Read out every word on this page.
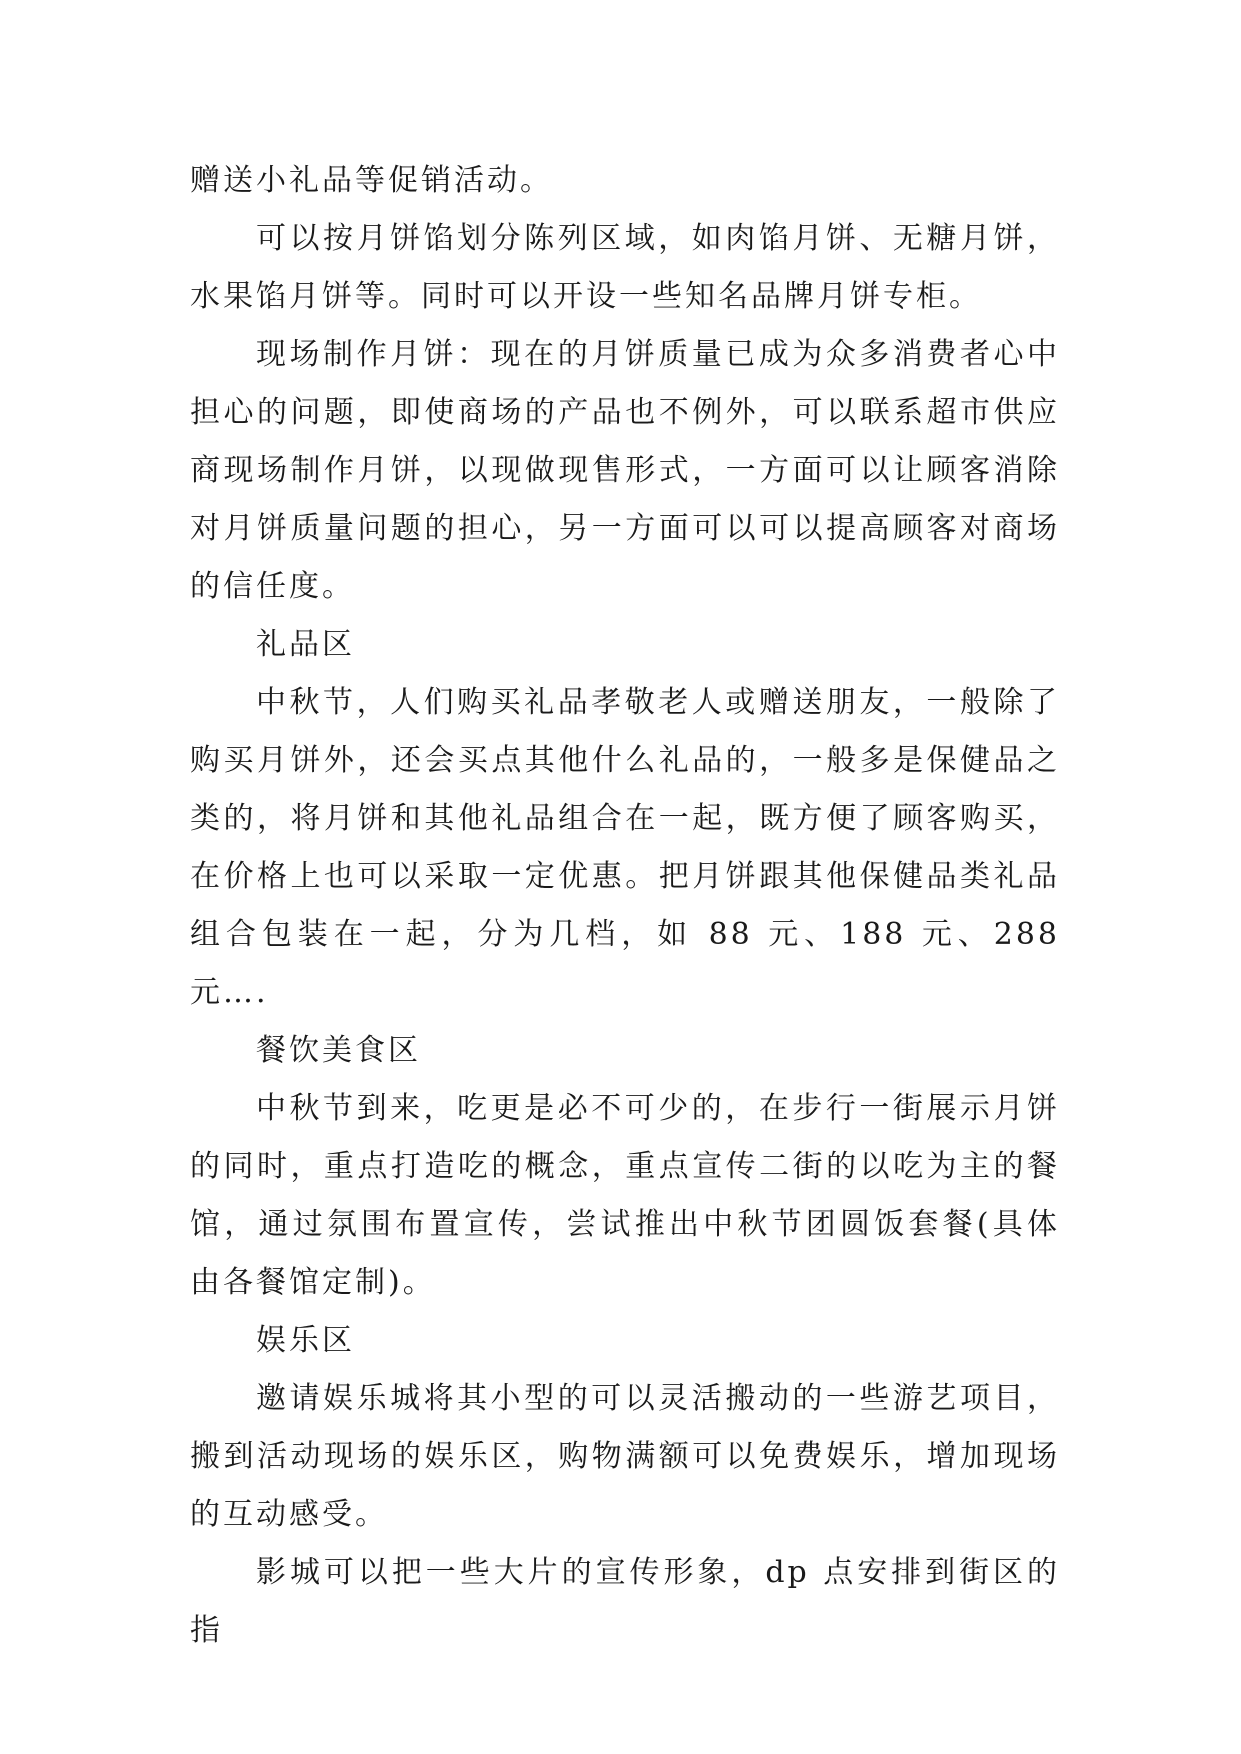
赠送小礼品等促销活动。

可以按月饼馅划分陈列区域，如肉馅月饼、无糖月饼，水果馅月饼等。同时可以开设一些知名品牌月饼专柜。

现场制作月饼：现在的月饼质量已成为众多消费者心中担心的问题，即使商场的产品也不例外，可以联系超市供应商现场制作月饼，以现做现售形式，一方面可以让顾客消除对月饼质量问题的担心，另一方面可以可以提高顾客对商场的信任度。

礼品区

中秋节，人们购买礼品孝敬老人或赠送朋友，一般除了购买月饼外，还会买点其他什么礼品的，一般多是保健品之类的，将月饼和其他礼品组合在一起，既方便了顾客购买，在价格上也可以采取一定优惠。把月饼跟其他保健品类礼品组合包装在一起，分为几档，如 88 元、188 元、288 元….

餐饮美食区

中秋节到来，吃更是必不可少的，在步行一街展示月饼的同时，重点打造吃的概念，重点宣传二街的以吃为主的餐馆，通过氛围布置宣传，尝试推出中秋节团圆饭套餐(具体由各餐馆定制)。

娱乐区

邀请娱乐城将其小型的可以灵活搬动的一些游艺项目，搬到活动现场的娱乐区，购物满额可以免费娱乐，增加现场的互动感受。

影城可以把一些大片的宣传形象，dp 点安排到街区的指
